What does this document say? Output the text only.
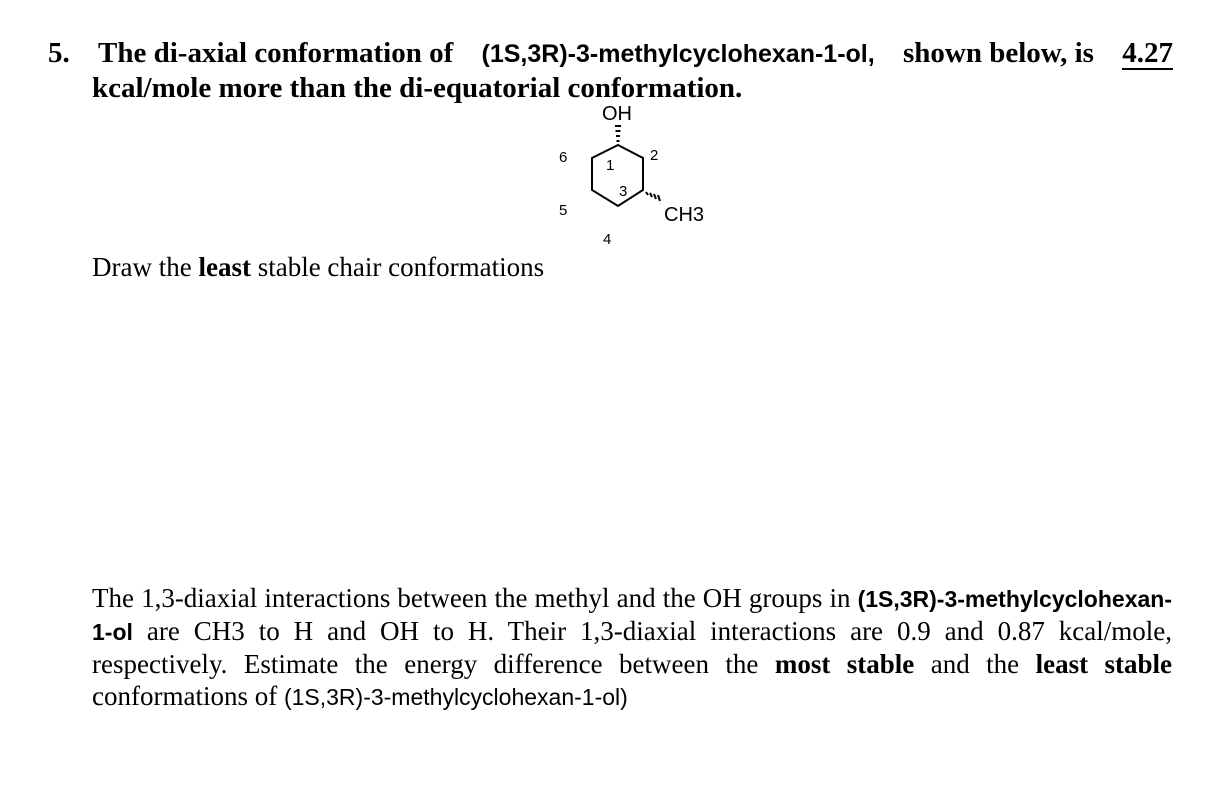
5. The di-axial conformation of (1S,3R)-3-methylcyclohexan-1-ol, shown below, is 4.27
kcal/mole more than the di-equatorial conformation.
OH
CH3
1
2
3
4
5
6
Draw the least stable chair conformations
The 1,3-diaxial interactions between the methyl and the OH groups in (1S,3R)-3-methylcyclohexan-1-ol are CH3 to H and OH to H. Their 1,3-diaxial interactions are 0.9 and 0.87 kcal/mole, respectively. Estimate the energy difference between the most stable and the least stable conformations of (1S,3R)-3-methylcyclohexan-1-ol)
